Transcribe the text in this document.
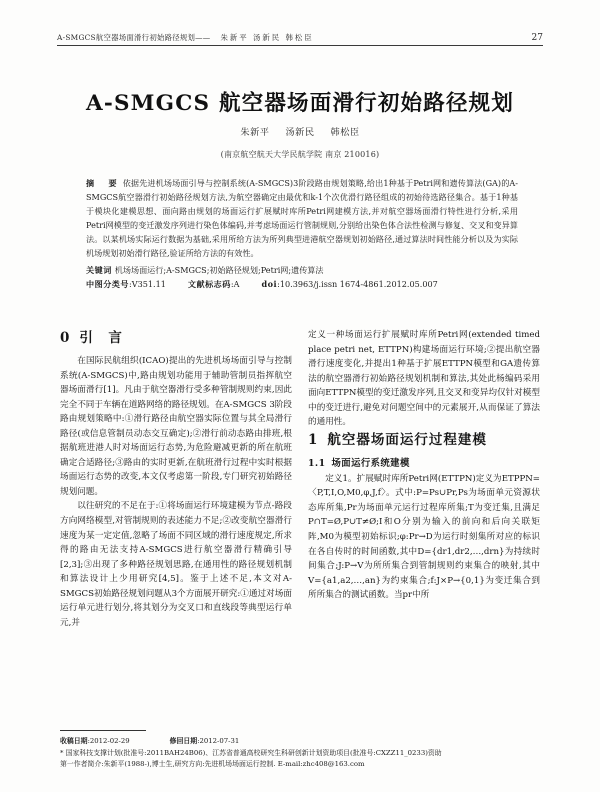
A-SMGCS航空器场面滑行初始路径规划—— 朱新平 汤新民 韩松臣	27
A-SMGCS 航空器场面滑行初始路径规划
朱新平 汤新民 韩松臣
(南京航空航天大学民航学院 南京 210016)
摘　要 依据先进机场场面引导与控制系统(A-SMGCS)3阶段路由规划策略,给出1种基于Petri网和遗传算法(GA)的A-SMGCS航空器滑行初始路径规划方法,为航空器确定由最优和k-1个次优滑行路径组成的初始待选路径集合。基于1种基于模块化建模思想、面向路由规划的场面运行扩展赋时库所Petri网建模方法,并对航空器场面滑行特性进行分析,采用Petri网模型的变迁激发序列进行染色体编码,并考虑场面运行管制规则,分别给出染色体合法性检测与修复、交叉和变异算法。以某机场实际运行数据为基础,采用所给方法为所列典型进港航空器规划初始路径,通过算法时间性能分析以及为实际机场规划初始滑行路径,验证所给方法的有效性。
关键词 机场场面运行;A-SMGCS;初始路径规划;Petri网;遗传算法
中图分类号:V351.11	文献标志码:A	doi:10.3963/j.issn 1674-4861.2012.05.007
0 引　言

在国际民航组织(ICAO)提出的先进机场场面引导与控制系统(A-SMGCS)中,路由规划功能用于辅助管制员指挥航空器场面滑行[1]。凡由于航空器滑行受多种管制规则约束,因此完全不同于车辆在道路网络的路径规划。在A-SMGCS 3阶段路由规划策略中:①滑行路径由航空器实际位置与其全局滑行路径(或信息管制员动态交互确定);②滑行前动态路由排班,根据航班进港人时对场面运行态势,为危险避减更新的所在航班确定合适路径;③路由的实时更新,在航班滑行过程中实时根据场面运行态势的改变,本文仅考虑第一阶段,专门研究初始路径规划问题。

以往研究的不足在于:①将场面运行环境建模为节点-路段方向网络模型,对管制规则的表述能力不足;②改变航空器滑行速度为某一定定值,忽略了场面不同区域的滑行速度规定,所求得的路由无法支持A-SMGCS进行航空器滑行精确引导[2,3];③出现了多种路径规划思路,在通用性的路径规划机制和算法设计上少用研究[4,5]。鉴于上述不足,本文对A-SMGCS初始路径规划问题从3个方面展开研究:①通过对场面运行单元进行划分,将其划分为交叉口和直线段等典型运行单元,并

定义一种场面运行扩展赋时库所Petri网(extended timed place petri net, ETTPN)构建场面运行环境;②提出航空器滑行速度变化,并提出1种基于扩展ETTPN模型和GA遗传算法的航空器滑行初始路径规划机制和算法,其处此杨编码采用面向ETTPN模型的变迁激发序列,且交叉和变异均仅针对模型中的变迁进行,避免对问题空间中的元素展开,从而保证了算法的通用性。

1 航空器场面运行过程建模
1.1 场面运行系统建模

定义1。扩展赋时库所Petri网(ETTPN)定义为ETPPN=〈P,T,I,O,M0,φ,J,f〉。式中:P=Ps∪Pr,Ps为场面单元资源状态库所集,Pr为场面单元运行过程库所集;T为变迁集,且满足P∩T=Ø,P∪T≠Ø;I和O分别为输入的前向和后向关联矩阵,M0为模型初始标识;φ:Pr→D为运行时刻集所对应的标识在各自传时的时间函数,其中D={dr1,dr2,…,drn}为持续时间集合;J:P→V为所所集合到管制规则约束集合的映射,其中V={a1,a2,…,an}为约束集合;f:J×P→{0,1}为变迁集合到所所集合的测试函数。当pr中所

收稿日期:2012-02-29	修回日期:2012-07-31
* 国家科技支撑计划(批准号:2011BAH24B06)、江苏省普通高校研究生科研创新计划资助项目(批准号:CXZZ11_0233)资助
第一作者简介:朱新平(1988-),博士生,研究方向:先进机场场面运行控制. E-mail:zhc408@163.com
